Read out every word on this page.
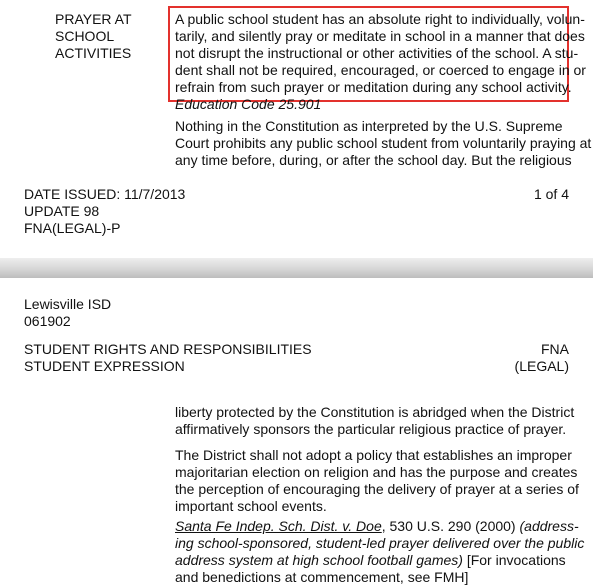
PRAYER AT
SCHOOL
ACTIVITIES
A public school student has an absolute right to individually, volun-
tarily, and silently pray or meditate in school in a manner that does
not disrupt the instructional or other activities of the school. A stu-
dent shall not be required, encouraged, or coerced to engage in or
refrain from such prayer or meditation during any school activity.
Education Code 25.901
Nothing in the Constitution as interpreted by the U.S. Supreme
Court prohibits any public school student from voluntarily praying at
any time before, during, or after the school day. But the religious
DATE ISSUED: 11/7/2013
UPDATE 98
FNA(LEGAL)-P
1 of 4
Lewisville ISD
061902
STUDENT RIGHTS AND RESPONSIBILITIES
STUDENT EXPRESSION
FNA
(LEGAL)
liberty protected by the Constitution is abridged when the District
affirmatively sponsors the particular religious practice of prayer.
The District shall not adopt a policy that establishes an improper
majoritarian election on religion and has the purpose and creates
the perception of encouraging the delivery of prayer at a series of
important school events.
Santa Fe Indep. Sch. Dist. v. Doe, 530 U.S. 290 (2000) (address-
ing school-sponsored, student-led prayer delivered over the public
address system at high school football games) [For invocations
and benedictions at commencement, see FMH]
